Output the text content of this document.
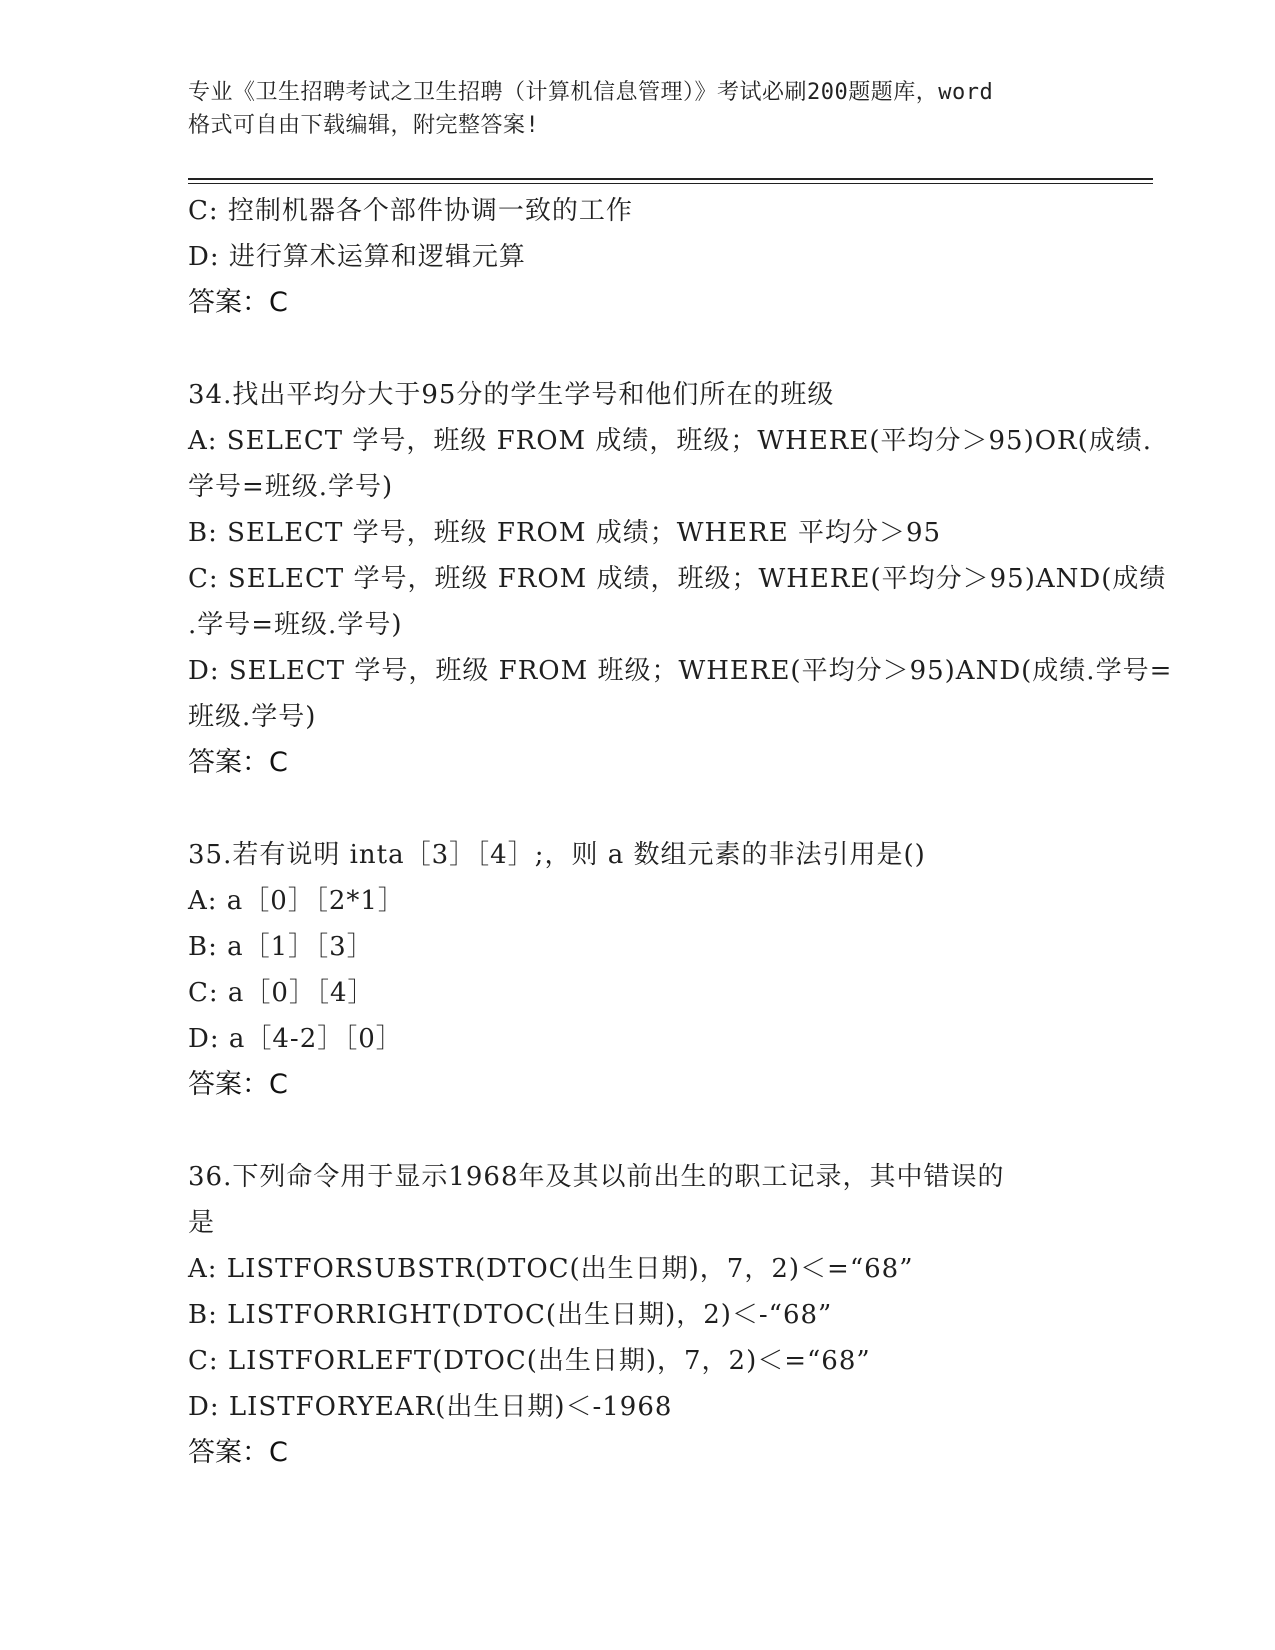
专业《卫生招聘考试之卫生招聘（计算机信息管理）》考试必刷200题题库，word
格式可自由下载编辑，附完整答案!
C: 控制机器各个部件协调一致的工作
D: 进行算术运算和逻辑元算
答案：C
34.找出平均分大于95分的学生学号和他们所在的班级
A: SELECT 学号，班级 FROM 成绩，班级；WHERE(平均分＞95)OR(成绩.
学号=班级.学号)
B: SELECT 学号，班级 FROM 成绩；WHERE 平均分＞95
C: SELECT 学号，班级 FROM 成绩，班级；WHERE(平均分＞95)AND(成绩
.学号=班级.学号)
D: SELECT 学号，班级 FROM 班级；WHERE(平均分＞95)AND(成绩.学号=
班级.学号)
答案：C
35.若有说明 inta［3］［4］;，则 a 数组元素的非法引用是()
A: a［0］［2*1］
B: a［1］［3］
C: a［0］［4］
D: a［4-2］［0］
答案：C
36.下列命令用于显示1968年及其以前出生的职工记录，其中错误的
是
A: LISTFORSUBSTR(DTOC(出生日期)，7，2)＜=“68”
B: LISTFORRIGHT(DTOC(出生日期)，2)＜-“68”
C: LISTFORLEFT(DTOC(出生日期)，7，2)＜=“68”
D: LISTFORYEAR(出生日期)＜-1968
答案：C
